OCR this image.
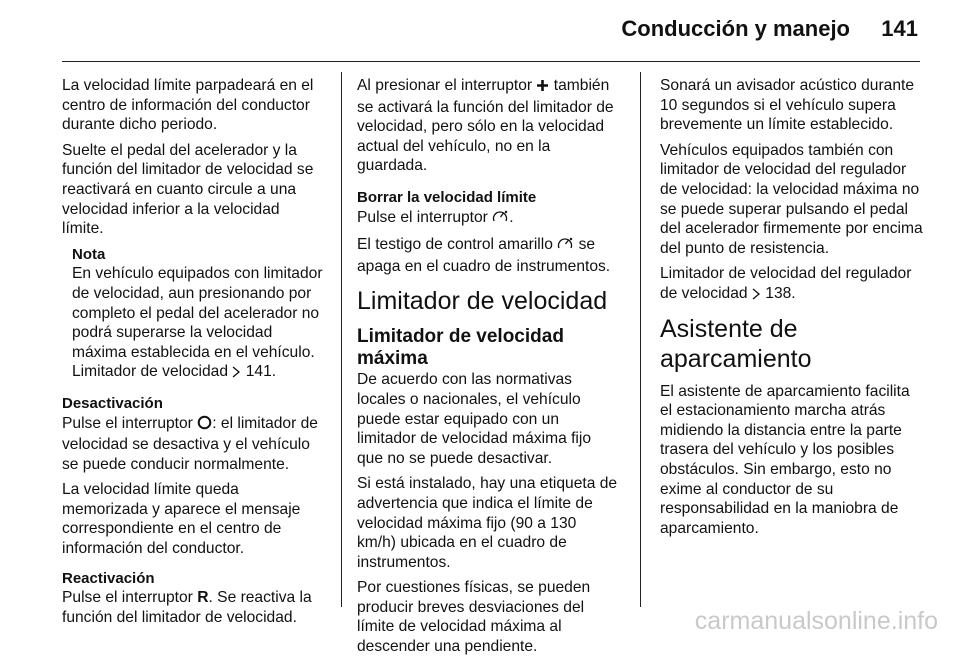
Conducción y manejo 141

La velocidad límite parpadeará en el centro de información del conductor durante dicho periodo.

Suelte el pedal del acelerador y la función del limitador de velocidad se reactivará en cuanto circule a una velocidad inferior a la velocidad límite.

Nota
En vehículo equipados con limitador de velocidad, aun presionando por completo el pedal del acelerador no podrá superarse la velocidad máxima establecida en el vehículo. Limitador de velocidad 141.
Desactivación

Pulse el interruptor : el limitador de velocidad se desactiva y el vehículo se puede conducir normalmente.

La velocidad límite queda memorizada y aparece el mensaje correspondiente en el centro de información del conductor.

Reactivación

Pulse el interruptor R. Se reactiva la función del limitador de velocidad.

Al presionar el interruptor también se activará la función del limitador de velocidad, pero sólo en la velocidad actual del vehículo, no en la guardada.

Borrar la velocidad límite

Pulse el interruptor .

El testigo de control amarillo se apaga en el cuadro de instrumentos.

Limitador de velocidad
Limitador de velocidad máxima

De acuerdo con las normativas locales o nacionales, el vehículo puede estar equipado con un limitador de velocidad máxima fijo que no se puede desactivar.

Si está instalado, hay una etiqueta de advertencia que indica el límite de velocidad máxima fijo (90 a 130 km/h) ubicada en el cuadro de instrumentos.

Por cuestiones físicas, se pueden producir breves desviaciones del límite de velocidad máxima al descender una pendiente.

Sonará un avisador acústico durante 10 segundos si el vehículo supera brevemente un límite establecido.

Vehículos equipados también con limitador de velocidad del regulador de velocidad: la velocidad máxima no se puede superar pulsando el pedal del acelerador firmemente por encima del punto de resistencia.

Limitador de velocidad del regulador de velocidad 138.

Asistente de aparcamiento

El asistente de aparcamiento facilita el estacionamiento marcha atrás midiendo la distancia entre la parte trasera del vehículo y los posibles obstáculos. Sin embargo, esto no exime al conductor de su responsabilidad en la maniobra de aparcamiento.

carmanualsonline.info
